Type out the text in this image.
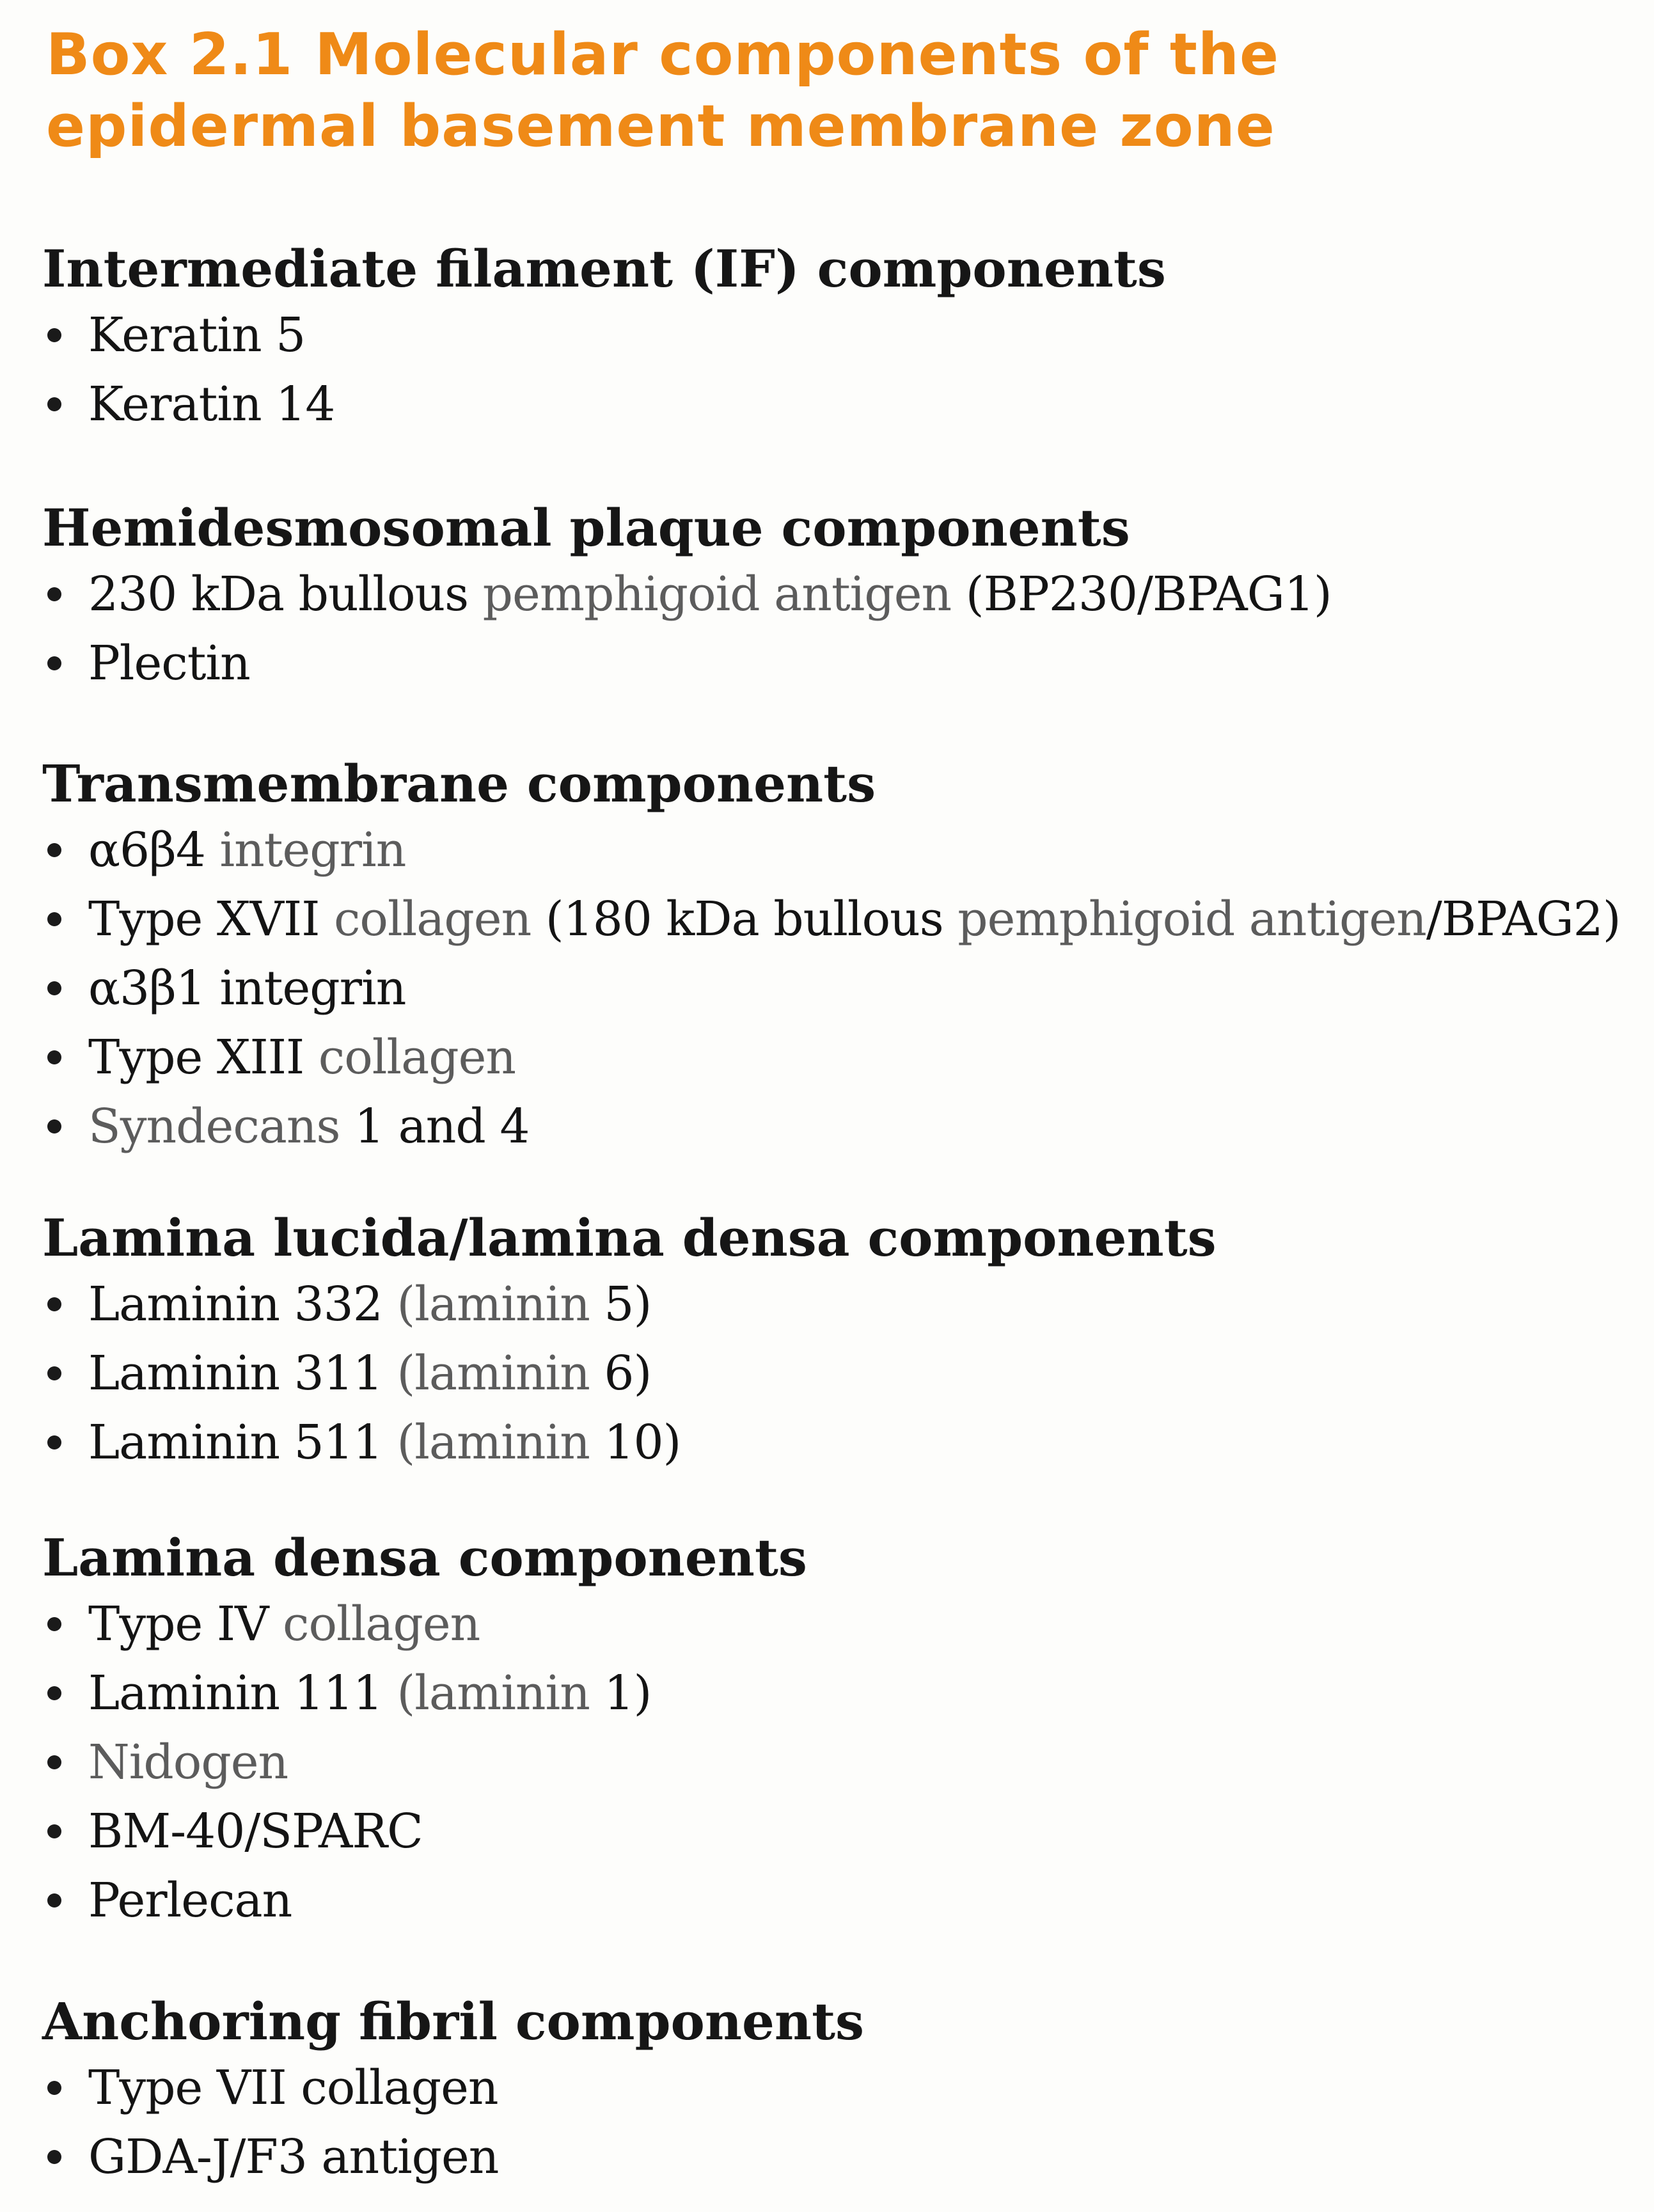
Box 2.1 Molecular components of the epidermal basement membrane zone
Intermediate filament (IF) components
Keratin 5
Keratin 14
Hemidesmosomal plaque components
230 kDa bullous pemphigoid antigen (BP230/BPAG1)
Plectin
Transmembrane components
α6β4 integrin
Type XVII collagen (180 kDa bullous pemphigoid antigen/BPAG2)
α3β1 integrin
Type XIII collagen
Syndecans 1 and 4
Lamina lucida/lamina densa components
Laminin 332 (laminin 5)
Laminin 311 (laminin 6)
Laminin 511 (laminin 10)
Lamina densa components
Type IV collagen
Laminin 111 (laminin 1)
Nidogen
BM-40/SPARC
Perlecan
Anchoring fibril components
Type VII collagen
GDA-J/F3 antigen
